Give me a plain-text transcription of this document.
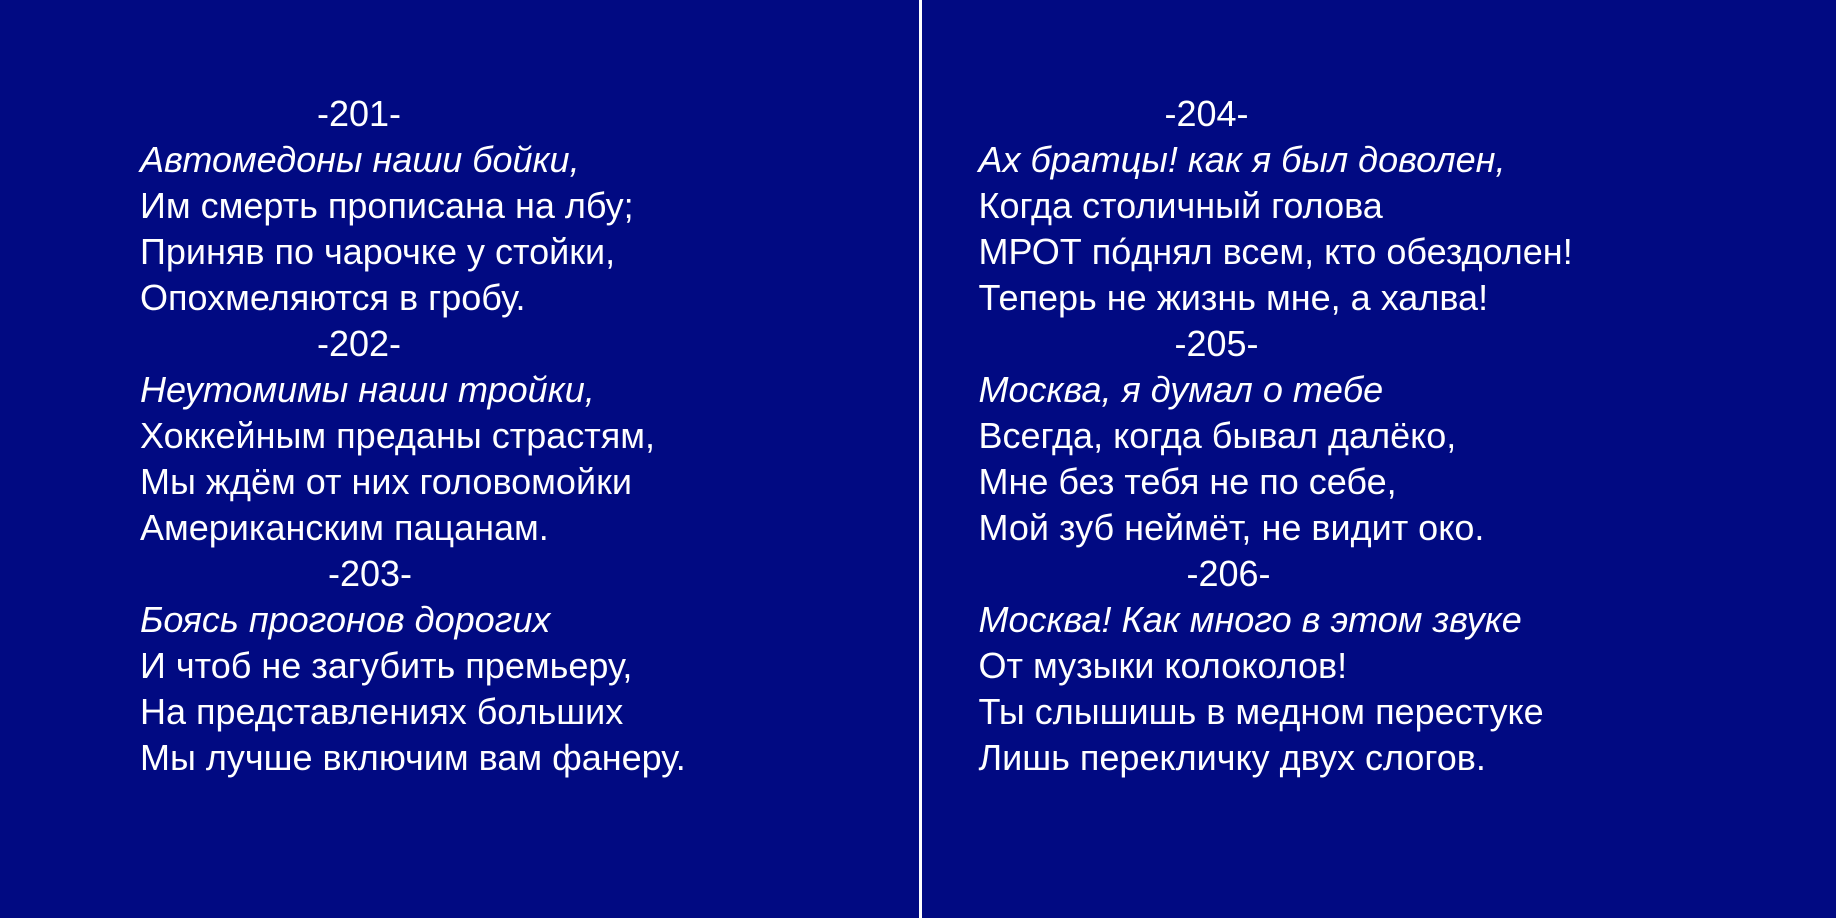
-201-
Автомедоны наши бойки,
Им смерть прописана на лбу;
Приняв по чарочке у стойки,
Опохмеляются в гробу.
-202-
Неутомимы наши тройки,
Хоккейным преданы страстям,
Мы ждём от них головомойки
Американским пацанам.
-203-
Боясь прогонов дорогих
И чтоб не загубить премьеру,
На представлениях больших
Мы лучше включим вам фанеру.
-204-
Ах братцы! как я был доволен,
Когда столичный голова
МРОТ по́днял всем, кто обездолен!
Теперь не жизнь мне, а халва!
-205-
Москва, я думал о тебе
Всегда, когда бывал далёко,
Мне без тебя не по себе,
Мой зуб неймёт, не видит око.
-206-
Москва! Как много в этом звуке
От музыки колоколов!
Ты слышишь в медном перестуке
Лишь перекличку двух слогов.
